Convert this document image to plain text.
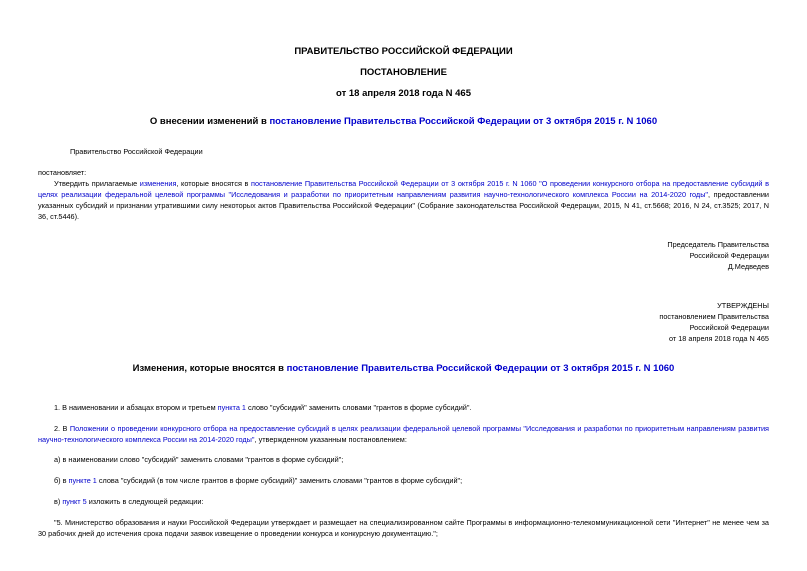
ПРАВИТЕЛЬСТВО РОССИЙСКОЙ ФЕДЕРАЦИИ
ПОСТАНОВЛЕНИЕ
от 18 апреля 2018 года N 465
О внесении изменений в постановление Правительства Российской Федерации от 3 октября 2015 г. N 1060
Правительство Российской Федерации
постановляет:
Утвердить прилагаемые изменения, которые вносятся в постановление Правительства Российской Федерации от 3 октября 2015 г. N 1060 "О проведении конкурсного отбора на предоставление субсидий в целях реализации федеральной целевой программы "Исследования и разработки по приоритетным направлениям развития научно-технологического комплекса России на 2014-2020 годы", предоставлении указанных субсидий и признании утратившими силу некоторых актов Правительства Российской Федерации" (Собрание законодательства Российской Федерации, 2015, N 41, ст.5668; 2016, N 24, ст.3525; 2017, N 36, ст.5446).
Председатель Правительства
Российской Федерации
Д.Медведев
УТВЕРЖДЕНЫ
постановлением Правительства
Российской Федерации
от 18 апреля 2018 года N 465
Изменения, которые вносятся в постановление Правительства Российской Федерации от 3 октября 2015 г. N 1060
1. В наименовании и абзацах втором и третьем пункта 1 слово "субсидий" заменить словами "грантов в форме субсидий".
2. В Положении о проведении конкурсного отбора на предоставление субсидий в целях реализации федеральной целевой программы "Исследования и разработки по приоритетным направлениям развития научно-технологического комплекса России на 2014-2020 годы", утвержденном указанным постановлением:
а) в наименовании слово "субсидий" заменить словами "грантов в форме субсидий";
б) в пункте 1 слова "субсидий (в том числе грантов в форме субсидий)" заменить словами "грантов в форме субсидий";
в) пункт 5 изложить в следующей редакции:
"5. Министерство образования и науки Российской Федерации утверждает и размещает на специализированном сайте Программы в информационно-телекоммуникационной сети "Интернет" не менее чем за 30 рабочих дней до истечения срока подачи заявок извещение о проведении конкурса и конкурсную документацию.";
